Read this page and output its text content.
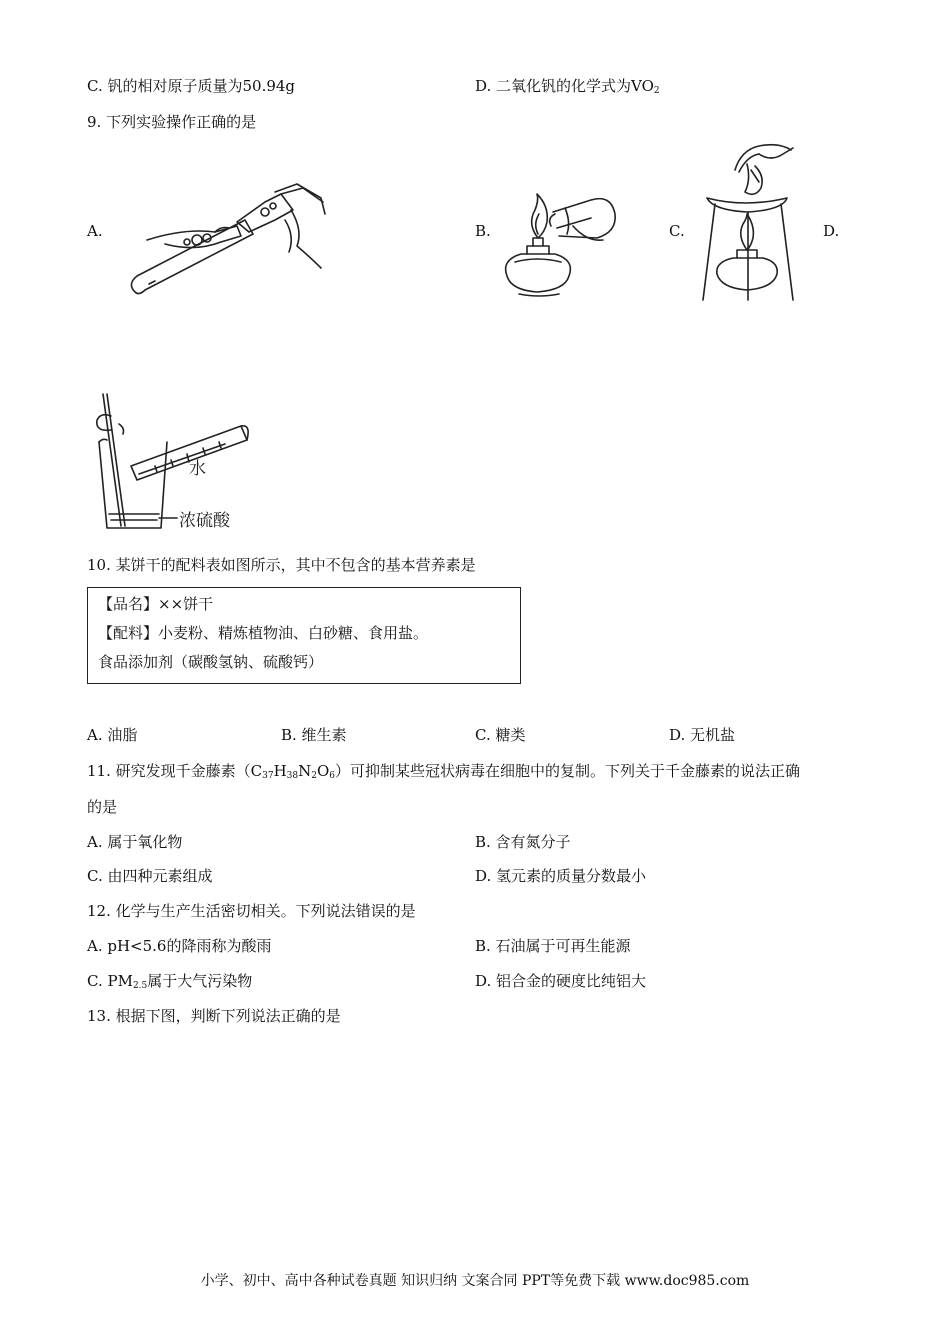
C. 钒的相对原子质量为50.94g	D. 二氧化钒的化学式为$VO_2$
9. 下列实验操作正确的是
A.	B.	C.	D.
水
浓硫酸
10. 某饼干的配料表如图所示，其中不包含的基本营养素是
【品名】××饼干
【配料】小麦粉、精炼植物油、白砂糖、食用盐。
食品添加剂（碳酸氢钠、硫酸钙）
A. 油脂	B. 维生素	C. 糖类	D. 无机盐
11. 研究发现千金藤素$(C_{37}H_{38}N_2O_6)$可抑制某些冠状病毒在细胞中的复制。下列关于千金藤素的说法正确
的是
A. 属于氧化物	B. 含有氮分子
C. 由四种元素组成	D. 氢元素的质量分数最小
12. 化学与生产生活密切相关。下列说法错误的是
A. pH<5.6的降雨称为酸雨	B. 石油属于可再生能源
C. $PM_{2.5}$属于大气污染物	D. 铝合金的硬度比纯铝大
13. 根据下图，判断下列说法正确的是
小学、初中、高中各种试卷真题 知识归纳 文案合同 PPT等免费下载 www.doc985.com
